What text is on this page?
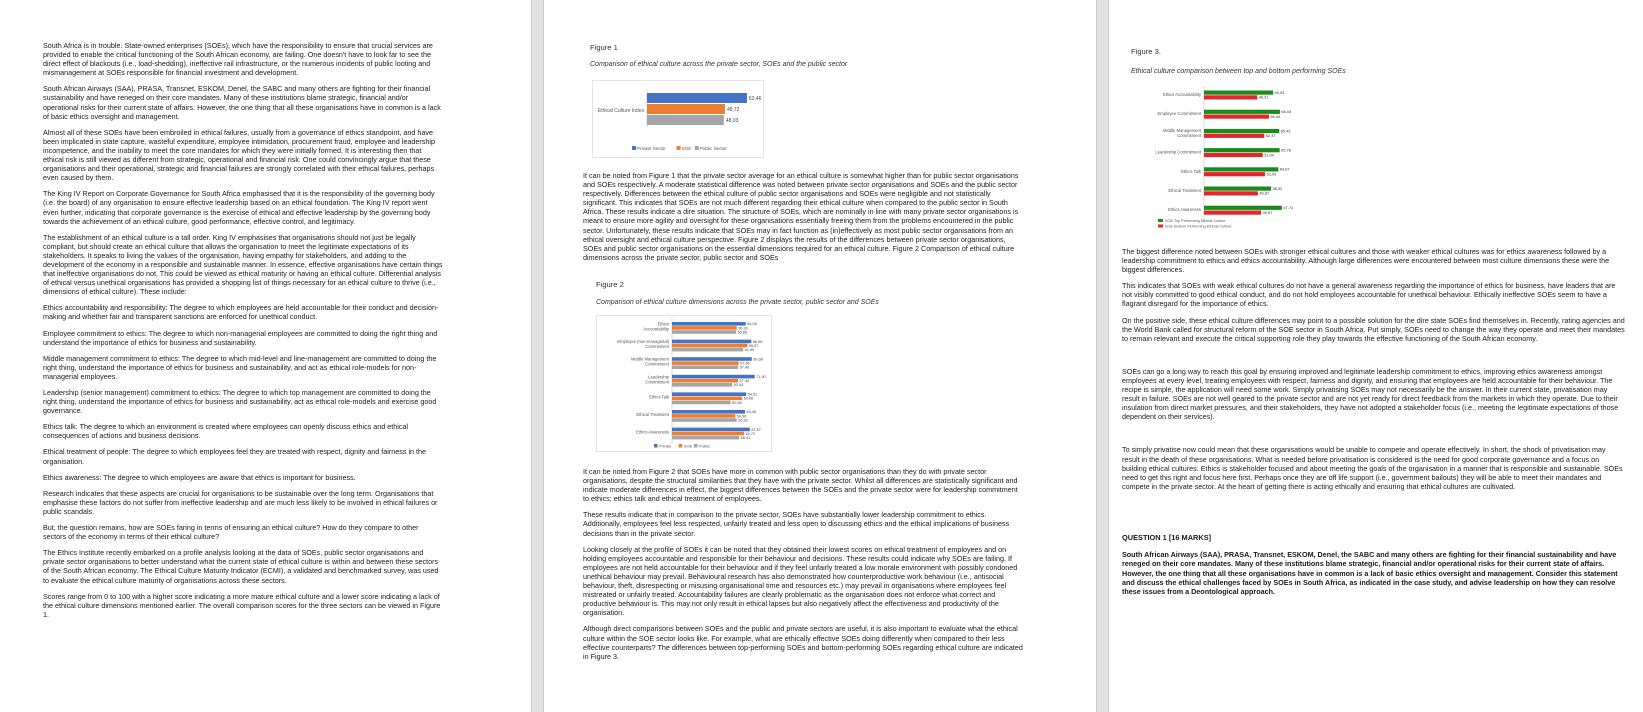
South Africa is in trouble. State-owned enterprises (SOEs), which have the responsibility to ensure that crucial services are provided to enable the critical functioning of the South African economy, are failing. One doesn't have to look far to see the direct effect of blackouts (i.e., load-shedding), ineffective rail infrastructure, or the numerous incidents of public looting and mismanagement at SOEs responsible for financial investment and development.

South African Airways (SAA), PRASA, Transnet, ESKOM, Denel, the SABC and many others are fighting for their financial sustainability and have reneged on their core mandates. Many of these institutions blame strategic, financial and/or operational risks for their current state of affairs. However, the one thing that all these organisations have in common is a lack of basic ethics oversight and management.

Almost all of these SOEs have been embroiled in ethical failures, usually from a governance of ethics standpoint, and have been implicated in state capture, wasteful expenditure, employee intimidation, procurement fraud, employee and leadership incompetence, and the inability to meet the core mandates for which they were initially formed. It is interesting then that ethical risk is still viewed as different from strategic, operational and financial risk. One could convincingly argue that these organisations and their operational, strategic and financial failures are strongly correlated with their ethical failures, perhaps even caused by them.

The King IV Report on Corporate Governance for South Africa emphasised that it is the responsibility of the governing body (i.e. the board) of any organisation to ensure effective leadership based on an ethical foundation. The King IV report went even further, indicating that corporate governance is the exercise of ethical and effective leadership by the governing body towards the achievement of an ethical culture, good performance, effective control, and legitimacy.

The establishment of an ethical culture is a tall order. King IV emphasises that organisations should not just be legally compliant, but should create an ethical culture that allows the organisation to meet the legitimate expectations of its stakeholders. It speaks to living the values of the organisation, having empathy for stakeholders, and adding to the development of the economy in a responsible and sustainable manner. In essence, effective organisations have certain things that ineffective organisations do not. This could be viewed as ethical maturity or having an ethical culture. Differential analysis of ethical versus unethical organisations has provided a shopping list of things necessary for an ethical culture to thrive (i.e., dimensions of ethical culture). These include:

Ethics accountability and responsibility: The degree to which employees are held accountable for their conduct and decision-making and whether fair and transparent sanctions are enforced for unethical conduct.

Employee commitment to ethics: The degree to which non-managerial employees are committed to doing the right thing and understand the importance of ethics for business and sustainability.

Middle management commitment to ethics: The degree to which mid-level and line-management are committed to doing the right thing, understand the importance of ethics for business and sustainability, and act as ethical role-models for non-managerial employees.

Leadership (senior management) commitment to ethics: The degree to which top management are committed to doing the right thing, understand the importance of ethics for business and sustainability, act as ethical role-models and exercise good governance.

Ethics talk: The degree to which an environment is created where employees can openly discuss ethics and ethical consequences of actions and business decisions.

Ethical treatment of people: The degree to which employees feel they are treated with respect, dignity and fairness in the organisation.

Ethics awareness: The degree to which employees are aware that ethics is important for business.

Research indicates that these aspects are crucial for organisations to be sustainable over the long term. Organisations that emphasise these factors do not suffer from ineffective leadership and are much less likely to be involved in ethical failures or public scandals.

But, the question remains, how are SOEs faring in terms of ensuring an ethical culture? How do they compare to other sectors of the economy in terms of their ethical culture?

The Ethics Institute recently embarked on a profile analysis looking at the data of SOEs, public sector organisations and private sector organisations to better understand what the current state of ethical culture is within and between these sectors of the South African economy. The Ethical Culture Maturity Indicator (ECMI), a validated and benchmarked survey, was used to evaluate the ethical culture maturity of organisations across these sectors.

Scores range from 0 to 100 with a higher score indicating a more mature ethical culture and a lower score indicating a lack of the ethical culture dimensions mentioned earlier. The overall comparison scores for the three sectors can be viewed in Figure 1.

Figure 1
Comparison of ethical culture across the private sector, SOEs and the public sector
Ethical Culture Index
62,46
48,72
48,03
Private Sector	SOE Public Sector

It can be noted from Figure 1 that the private sector average for an ethical culture is somewhat higher than for public sector organisations and SOEs respectively. A moderate statistical difference was noted between private sector organisations and SOEs and the public sector respectively. Differences between the ethical culture of public sector organisations and SOEs were negligible and not statistically significant. This indicates that SOEs are not much different regarding their ethical culture when compared to the public sector in South Africa. These results indicate a dire situation. The structure of SOEs, which are nominally in line with many private sector organisations is meant to ensure more agility and oversight for these organisations essentially freeing them from the problems encountered in the public sector. Unfortunately, these results indicate that SOEs may in fact function as (in)effectively as most public sector organisations from an ethical oversight and ethical culture perspective. Figure 2 displays the results of the differences between private sector organisations, SOEs and public sector organisations on the essential dimensions required for an ethical culture. Figure 2 Comparison of ethical culture dimensions across the private sector, public sector and SOEs

Figure 2
Comparison of ethical culture dimensions across the private sector, public sector and SOEs
Ethics
Accountability
64,08
56,30
55,66
Employee (non-managerial)
Commitment
68,98
65,57
61,90
Middle Management
Commitment
69,38
57,96
57,46
Leadership
Commitment
71,90
57,44
52,54
Ethics Talk	64,51
60,96
50,98
Ethical Treatment	63,48
54,96
56,30
Ethics Awareness	67,67
62,72
58,41
Private	SOE Public

It can be noted from Figure 2 that SOEs have more in common with public sector organisations than they do with private sector organisations, despite the structural similarities that they have with the private sector. Whilst all differences are statistically significant and indicate moderate differences in effect, the biggest differences between the SOEs and the private sector were for leadership commitment to ethics; ethics talk and ethical treatment of employees.

These results indicate that in comparison to the private sector, SOEs have substantially lower leadership commitment to ethics. Additionally, employees feel less respected, unfairly treated and less open to discussing ethics and the ethical implications of business decisions than in the private sector.

Looking closely at the profile of SOEs it can be noted that they obtained their lowest scores on ethical treatment of employees and on holding employees accountable and responsible for their behaviour and decisions. These results could indicate why SOEs are failing. If employees are not held accountable for their behaviour and if they feel unfairly treated a low morale environment with possibly condoned unethical behaviour may prevail. Behavioural research has also demonstrated how counterproductive work behaviour (i.e., antisocial behaviour, theft, disrespecting or misusing organisational time and resources etc.) may prevail in organisations where employees feel mistreated or unfairly treated. Accountability failures are clearly problematic as the organisation does not enforce what correct and productive behaviour is. This may not only result in ethical lapses but also negatively affect the effectiveness and productivity of the organisation.

Although direct comparisons between SOEs and the public and private sectors are useful, it is also important to evaluate what the ethical culture within the SOE sector looks like. For example, what are ethically effective SOEs doing differently when compared to their less effective counterparts? The differences between top-performing SOEs and bottom-performing SOEs regarding ethical culture are indicated in Figure 3.

Figure 3.
Ethical culture comparison between top and bottom performing SOEs
Ethics Accountability	60,03
46,31
Employee Commitment	66,03
56,44
Middle Management
Commitment
65,45
52,47
Leadership Commitment	65,78
51,04
Ethics Talk	64,67
53,03
Ethical Treatment	58,32
46,87
Ethics Awareness	67,74
49,67
SOE Top Performing Ethical Culture
SOE Bottom Performing Ethical Culture

The biggest difference noted between SOEs with stronger ethical cultures and those with weaker ethical cultures was for ethics awareness followed by a leadership commitment to ethics and ethics accountability. Although large differences were encountered between most culture dimensions these were the biggest differences.

This indicates that SOEs with weak ethical cultures do not have a general awareness regarding the importance of ethics for business, have leaders that are not visibly committed to good ethical conduct, and do not hold employees accountable for unethical behaviour. Ethically ineffective SOEs seem to have a flagrant disregard for the importance of ethics.

On the positive side, these ethical culture differences may point to a possible solution for the dire state SOEs find themselves in. Recently, rating agencies and the World Bank called for structural reform of the SOE sector in South Africa. Put simply, SOEs need to change the way they operate and meet their mandates to remain relevant and execute the critical supporting role they play towards the effective functioning of the South African economy.

SOEs can go a long way to reach this goal by ensuring improved and legitimate leadership commitment to ethics, improving ethics awareness amongst employees at every level, treating employees with respect, fairness and dignity, and ensuring that employees are held accountable for their behaviour. The recipe is simple, the application will need some work. Simply privatising SOEs may not necessarily be the answer. In their current state, privatisation may result in failure. SOEs are not well geared to the private sector and are not yet ready for direct feedback from the markets in which they operate. Due to their insulation from direct market pressures, and their stakeholders, they have not adopted a stakeholder focus (i.e., meeting the legitimate expectations of those dependent on their services).

To simply privatise now could mean that these organisations would be unable to compete and operate effectively. In short, the shock of privatisation may result in the death of these organisations. What is needed before privatisation is considered is the need for good corporate governance and a focus on building ethical cultures. Ethics is stakeholder focused and about meeting the goals of the organisation in a manner that is responsible and sustainable. SOEs need to get this right and focus here first. Perhaps once they are off life support (i.e., government bailouts) they will be able to meet their mandates and compete in the private sector. At the heart of getting there is acting ethically and ensuring that ethical cultures are cultivated.

QUESTION 1 [16 MARKS]

South African Airways (SAA), PRASA, Transnet, ESKOM, Denel, the SABC and many others are fighting for their financial sustainability and have reneged on their core mandates. Many of these institutions blame strategic, financial and/or operational risks for their current state of affairs. However, the one thing that all these organisations have in common is a lack of basic ethics oversight and management. Consider this statement and discuss the ethical challenges faced by SOEs in South Africa, as indicated in the case study, and advise leadership on how they can resolve these issues from a Deontological approach.
